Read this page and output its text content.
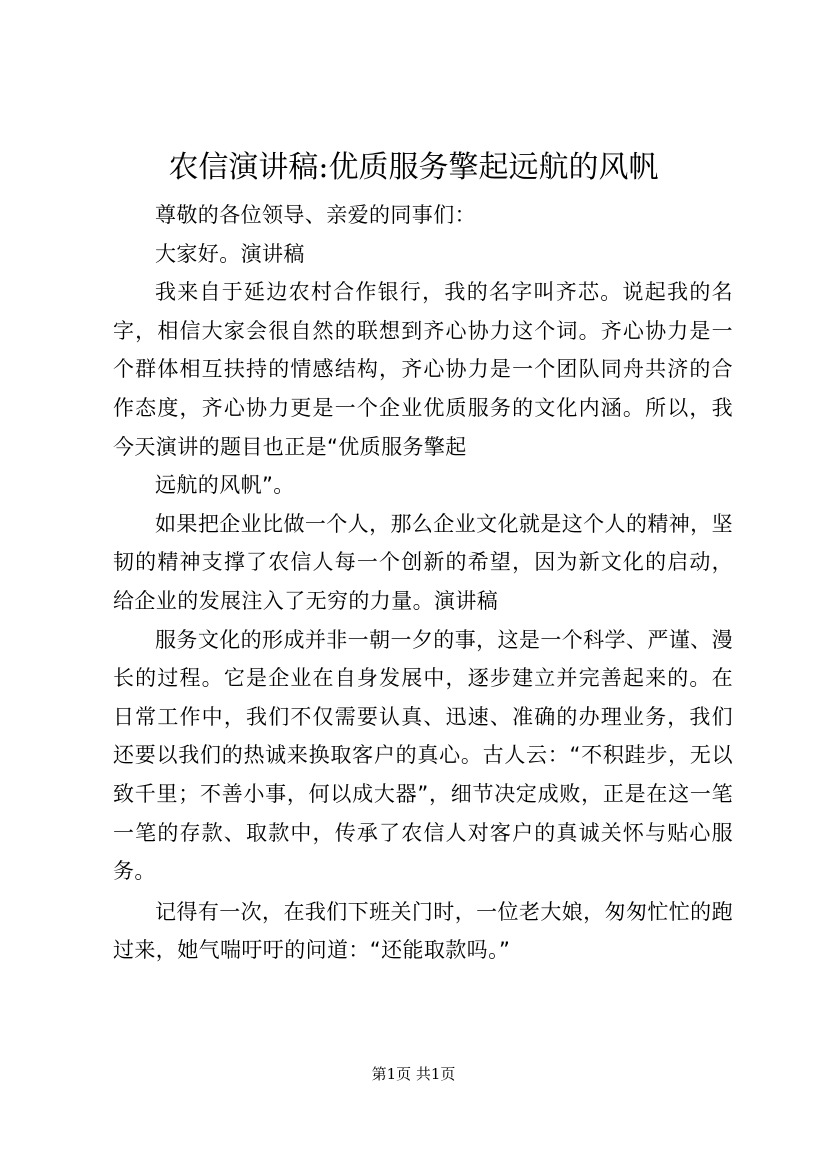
农信演讲稿:优质服务擎起远航的风帆

尊敬的各位领导、亲爱的同事们：

大家好。演讲稿

我来自于延边农村合作银行，我的名字叫齐芯。说起我的名字，相信大家会很自然的联想到齐心协力这个词。齐心协力是一个群体相互扶持的情感结构，齐心协力是一个团队同舟共济的合作态度，齐心协力更是一个企业优质服务的文化内涵。所以，我今天演讲的题目也正是“优质服务擎起

远航的风帆”。

如果把企业比做一个人，那么企业文化就是这个人的精神，坚韧的精神支撑了农信人每一个创新的希望，因为新文化的启动，给企业的发展注入了无穷的力量。演讲稿

服务文化的形成并非一朝一夕的事，这是一个科学、严谨、漫长的过程。它是企业在自身发展中，逐步建立并完善起来的。在日常工作中，我们不仅需要认真、迅速、准确的办理业务，我们还要以我们的热诚来换取客户的真心。古人云：“不积跬步，无以致千里；不善小事，何以成大器”，细节决定成败，正是在这一笔一笔的存款、取款中，传承了农信人对客户的真诚关怀与贴心服务。

记得有一次，在我们下班关门时，一位老大娘，匆匆忙忙的跑过来，她气喘吁吁的问道：“还能取款吗。”

第1页 共1页
